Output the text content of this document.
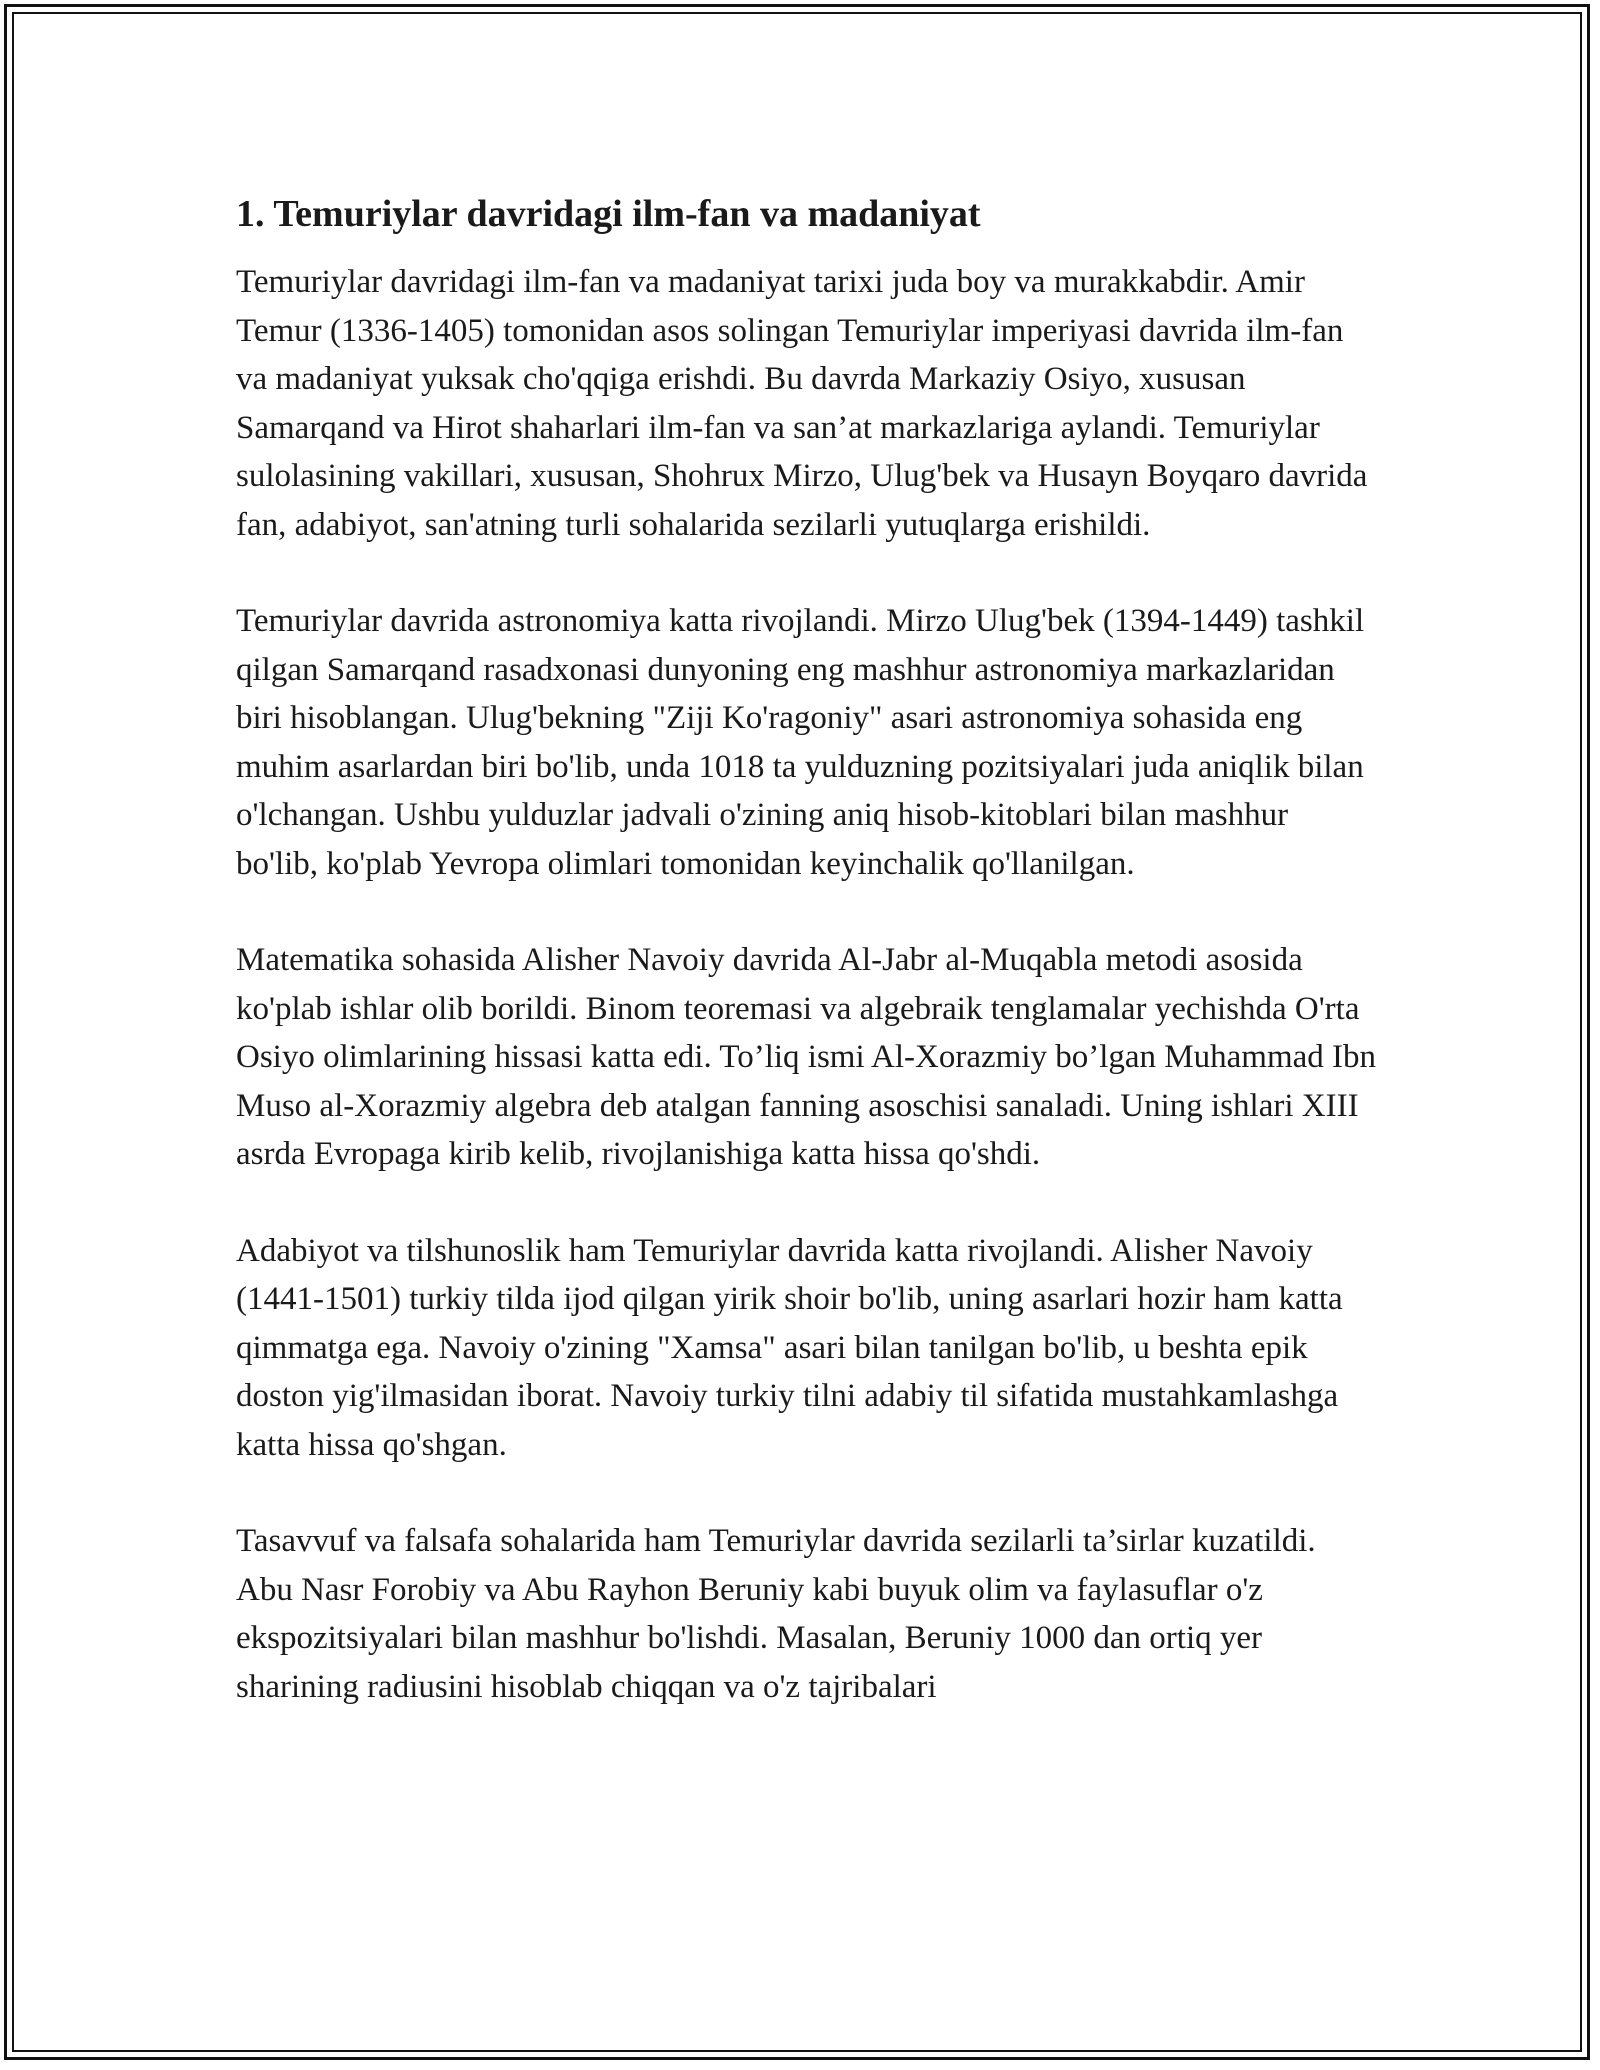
1. Temuriylar davridagi ilm-fan va madaniyat

Temuriylar davridagi ilm-fan va madaniyat tarixi juda boy va murakkabdir. Amir Temur (1336-1405) tomonidan asos solingan Temuriylar imperiyasi davrida ilm-fan va madaniyat yuksak cho'qqiga erishdi. Bu davrda Markaziy Osiyo, xususan Samarqand va Hirot shaharlari ilm-fan va san’at markazlariga aylandi. Temuriylar sulolasining vakillari, xususan, Shohrux Mirzo, Ulug'bek va Husayn Boyqaro davrida fan, adabiyot, san'atning turli sohalarida sezilarli yutuqlarga erishildi.

Temuriylar davrida astronomiya katta rivojlandi. Mirzo Ulug'bek (1394-1449) tashkil qilgan Samarqand rasadxonasi dunyoning eng mashhur astronomiya markazlaridan biri hisoblangan. Ulug'bekning "Ziji Ko'ragoniy" asari astronomiya sohasida eng muhim asarlardan biri bo'lib, unda 1018 ta yulduzning pozitsiyalari juda aniqlik bilan o'lchangan. Ushbu yulduzlar jadvali o'zining aniq hisob-kitoblari bilan mashhur bo'lib, ko'plab Yevropa olimlari tomonidan keyinchalik qo'llanilgan.

Matematika sohasida Alisher Navoiy davrida Al-Jabr al-Muqabla metodi asosida ko'plab ishlar olib borildi. Binom teoremasi va algebraik tenglamalar yechishda O'rta Osiyo olimlarining hissasi katta edi. To’liq ismi Al-Xorazmiy bo’lgan Muhammad Ibn Muso al-Xorazmiy algebra deb atalgan fanning asoschisi sanaladi. Uning ishlari XIII asrda Evropaga kirib kelib, rivojlanishiga katta hissa qo'shdi.

Adabiyot va tilshunoslik ham Temuriylar davrida katta rivojlandi. Alisher Navoiy (1441-1501) turkiy tilda ijod qilgan yirik shoir bo'lib, uning asarlari hozir ham katta qimmatga ega. Navoiy o'zining "Xamsa" asari bilan tanilgan bo'lib, u beshta epik doston yig'ilmasidan iborat. Navoiy turkiy tilni adabiy til sifatida mustahkamlashga katta hissa qo'shgan.

Tasavvuf va falsafa sohalarida ham Temuriylar davrida sezilarli ta’sirlar kuzatildi. Abu Nasr Forobiy va Abu Rayhon Beruniy kabi buyuk olim va faylasuflar o'z ekspozitsiyalari bilan mashhur bo'lishdi. Masalan, Beruniy 1000 dan ortiq yer sharining radiusini hisoblab chiqqan va o'z tajribalari
